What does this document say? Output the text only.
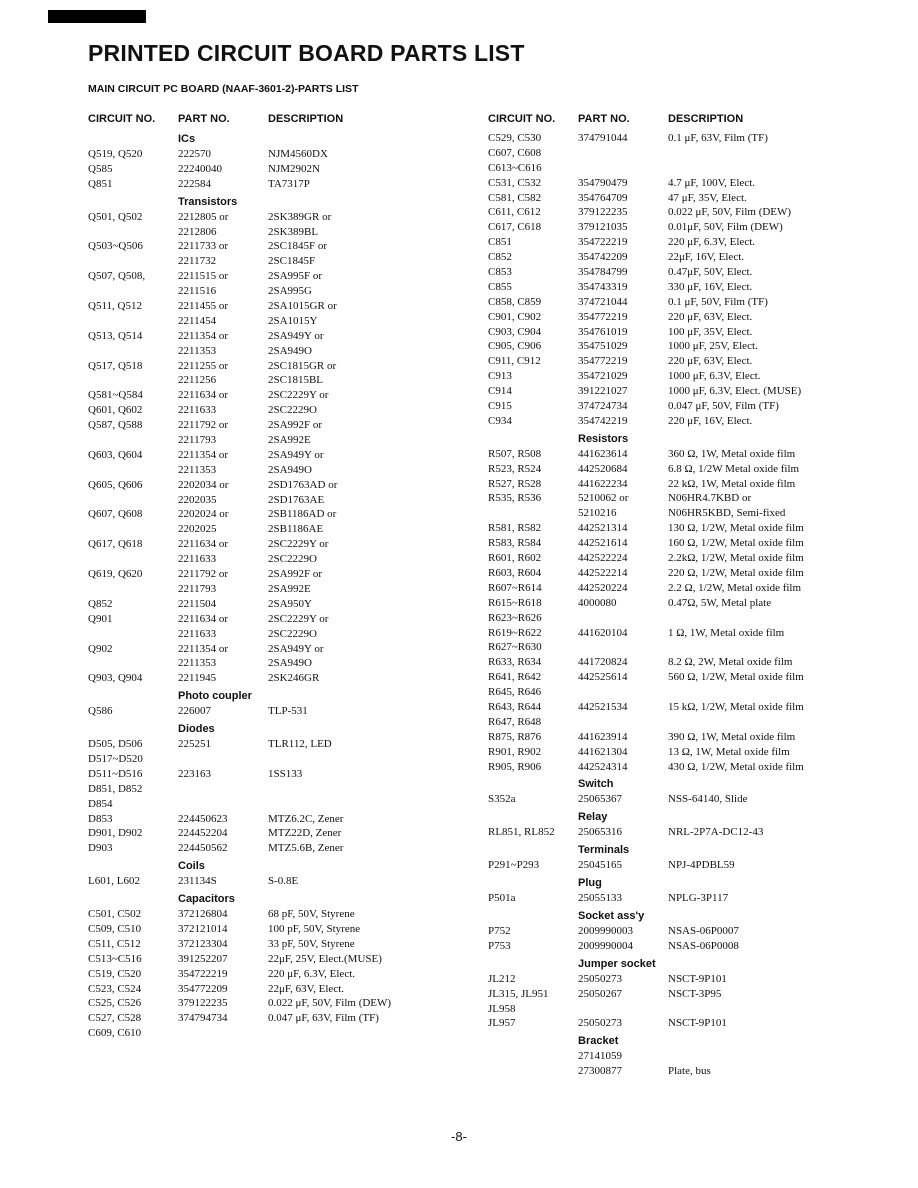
PRINTED CIRCUIT BOARD PARTS LIST
MAIN CIRCUIT PC BOARD (NAAF-3601-2)-PARTS LIST
CIRCUIT NO.	PART NO.	DESCRIPTION
ICs
Q519, Q520	222570	NJM4560DX
Q585	22240040	NJM2902N
Q851	222584	TA7317P
Transistors
Q501, Q502	2212805 or	2SK389GR or
2212806	2SK389BL
Q503~Q506	2211733 or	2SC1845F or
2211732	2SC1845F
Q507, Q508,	2211515 or	2SA995F or
2211516	2SA995G
Q511, Q512	2211455 or	2SA1015GR or
2211454	2SA1015Y
Q513, Q514	2211354 or	2SA949Y or
2211353	2SA949O
Q517, Q518	2211255 or	2SC1815GR or
2211256	2SC1815BL
Q581~Q584	2211634 or	2SC2229Y or
Q601, Q602	2211633	2SC2229O
Q587, Q588	2211792 or	2SA992F or
2211793	2SA992E
Q603, Q604	2211354 or	2SA949Y or
2211353	2SA949O
Q605, Q606	2202034 or	2SD1763AD or
2202035	2SD1763AE
Q607, Q608	2202024 or	2SB1186AD or
2202025	2SB1186AE
Q617, Q618	2211634 or	2SC2229Y or
2211633	2SC2229O
Q619, Q620	2211792 or	2SA992F or
2211793	2SA992E
Q852	2211504	2SA950Y
Q901	2211634 or	2SC2229Y or
2211633	2SC2229O
Q902	2211354 or	2SA949Y or
2211353	2SA949O
Q903, Q904	2211945	2SK246GR
Photo coupler
Q586	226007	TLP-531
Diodes
D505, D506	225251	TLR112, LED
D517~D520
D511~D516	223163	1SS133
D851, D852
D854
D853	224450623	MTZ6.2C, Zener
D901, D902	224452204	MTZ22D, Zener
D903	224450562	MTZ5.6B, Zener
Coils
L601, L602	231134S	S-0.8E
Capacitors
C501, C502	372126804	68 pF, 50V, Styrene
C509, C510	372121014	100 pF, 50V, Styrene
C511, C512	372123304	33 pF, 50V, Styrene
C513~C516	391252207	22μF, 25V, Elect.(MUSE)
C519, C520	354722219	220 μF, 6.3V, Elect.
C523, C524	354772209	22μF, 63V, Elect.
C525, C526	379122235	0.022 μF, 50V, Film (DEW)
C527, C528	374794734	0.047 μF, 63V, Film (TF)
C609, C610
CIRCUIT NO.	PART NO.	DESCRIPTION
C529, C530	374791044	0.1 μF, 63V, Film (TF)
C607, C608
C613~C616
C531, C532	354790479	4.7 μF, 100V, Elect.
C581, C582	354764709	47 μF, 35V, Elect.
C611, C612	379122235	0.022 μF, 50V, Film (DEW)
C617, C618	379121035	0.01μF, 50V, Film (DEW)
C851	354722219	220 μF, 6.3V, Elect.
C852	354742209	22μF, 16V, Elect.
C853	354784799	0.47μF, 50V, Elect.
C855	354743319	330 μF, 16V, Elect.
C858, C859	374721044	0.1 μF, 50V, Film (TF)
C901, C902	354772219	220 μF, 63V, Elect.
C903, C904	354761019	100 μF, 35V, Elect.
C905, C906	354751029	1000 μF, 25V, Elect.
C911, C912	354772219	220 μF, 63V, Elect.
C913	354721029	1000 μF, 6.3V, Elect.
C914	391221027	1000 μF, 6.3V, Elect. (MUSE)
C915	374724734	0.047 μF, 50V, Film (TF)
C934	354742219	220 μF, 16V, Elect.
Resistors
R507, R508	441623614	360 Ω, 1W, Metal oxide film
R523, R524	442520684	6.8 Ω, 1/2W Metal oxide film
R527, R528	441622234	22 kΩ, 1W, Metal oxide film
R535, R536	5210062 or	N06HR4.7KBD or
5210216	N06HR5KBD, Semi-fixed
R581, R582	442521314	130 Ω, 1/2W, Metal oxide film
R583, R584	442521614	160 Ω, 1/2W, Metal oxide film
R601, R602	442522224	2.2kΩ, 1/2W, Metal oxide film
R603, R604	442522214	220 Ω, 1/2W, Metal oxide film
R607~R614	442520224	2.2 Ω, 1/2W, Metal oxide film
R615~R618	4000080	0.47Ω, 5W, Metal plate
R623~R626
R619~R622	441620104	1 Ω, 1W, Metal oxide film
R627~R630
R633, R634	441720824	8.2 Ω, 2W, Metal oxide film
R641, R642	442525614	560 Ω, 1/2W, Metal oxide film
R645, R646
R643, R644	442521534	15 kΩ, 1/2W, Metal oxide film
R647, R648
R875, R876	441623914	390 Ω, 1W, Metal oxide film
R901, R902	441621304	13 Ω, 1W, Metal oxide film
R905, R906	442524314	430 Ω, 1/2W, Metal oxide film
Switch
S352a	25065367	NSS-64140, Slide
Relay
RL851, RL852	25065316	NRL-2P7A-DC12-43
Terminals
P291~P293	25045165	NPJ-4PDBL59
Plug
P501a	25055133	NPLG-3P117
Socket ass'y
P752	2009990003	NSAS-06P0007
P753	2009990004	NSAS-06P0008
Jumper socket
JL212	25050273	NSCT-9P101
JL315, JL951	25050267	NSCT-3P95
JL958
JL957	25050273	NSCT-9P101
Bracket
27141059
27300877	Plate, bus
-8-
